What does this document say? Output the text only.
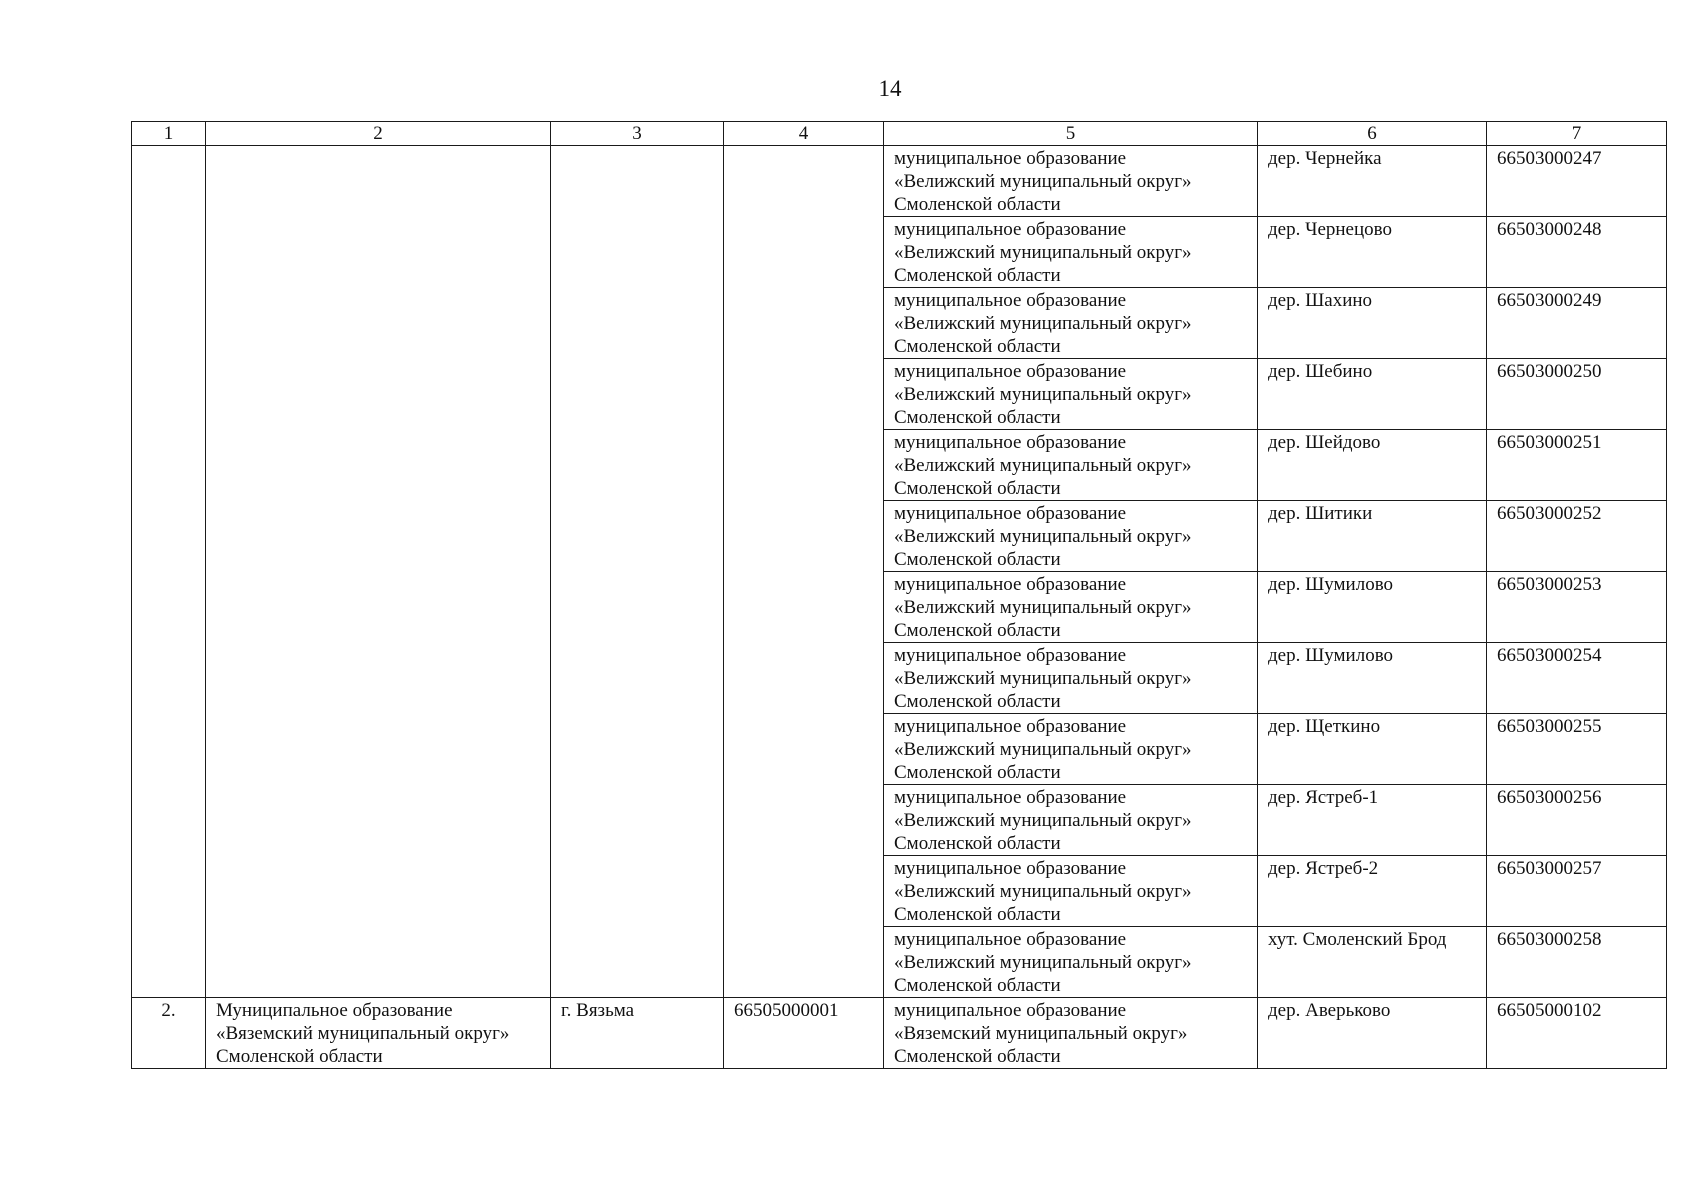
14
1	2	3	4	5	6	7

				муниципальное образование
«Велижский муниципальный округ»
Смоленской области	дер. Чернейка	66503000247

				муниципальное образование
«Велижский муниципальный округ»
Смоленской области	дер. Чернецово	66503000248

				муниципальное образование
«Велижский муниципальный округ»
Смоленской области	дер. Шахино	66503000249

				муниципальное образование
«Велижский муниципальный округ»
Смоленской области	дер. Шебино	66503000250

				муниципальное образование
«Велижский муниципальный округ»
Смоленской области	дер. Шейдово	66503000251

				муниципальное образование
«Велижский муниципальный округ»
Смоленской области	дер. Шитики	66503000252

				муниципальное образование
«Велижский муниципальный округ»
Смоленской области	дер. Шумилово	66503000253

				муниципальное образование
«Велижский муниципальный округ»
Смоленской области	дер. Шумилово	66503000254

				муниципальное образование
«Велижский муниципальный округ»
Смоленской области	дер. Щеткино	66503000255

				муниципальное образование
«Велижский муниципальный округ»
Смоленской области	дер. Ястреб-1	66503000256

				муниципальное образование
«Велижский муниципальный округ»
Смоленской области	дер. Ястреб-2	66503000257

				муниципальное образование
«Велижский муниципальный округ»
Смоленской области	хут. Смоленский Брод	66503000258
2.	Муниципальное образование
«Вяземский муниципальный округ»
Смоленской области	г. Вязьма	66505000001	муниципальное образование
«Вяземский муниципальный округ»
Смоленской области	дер. Аверьково	66505000102
